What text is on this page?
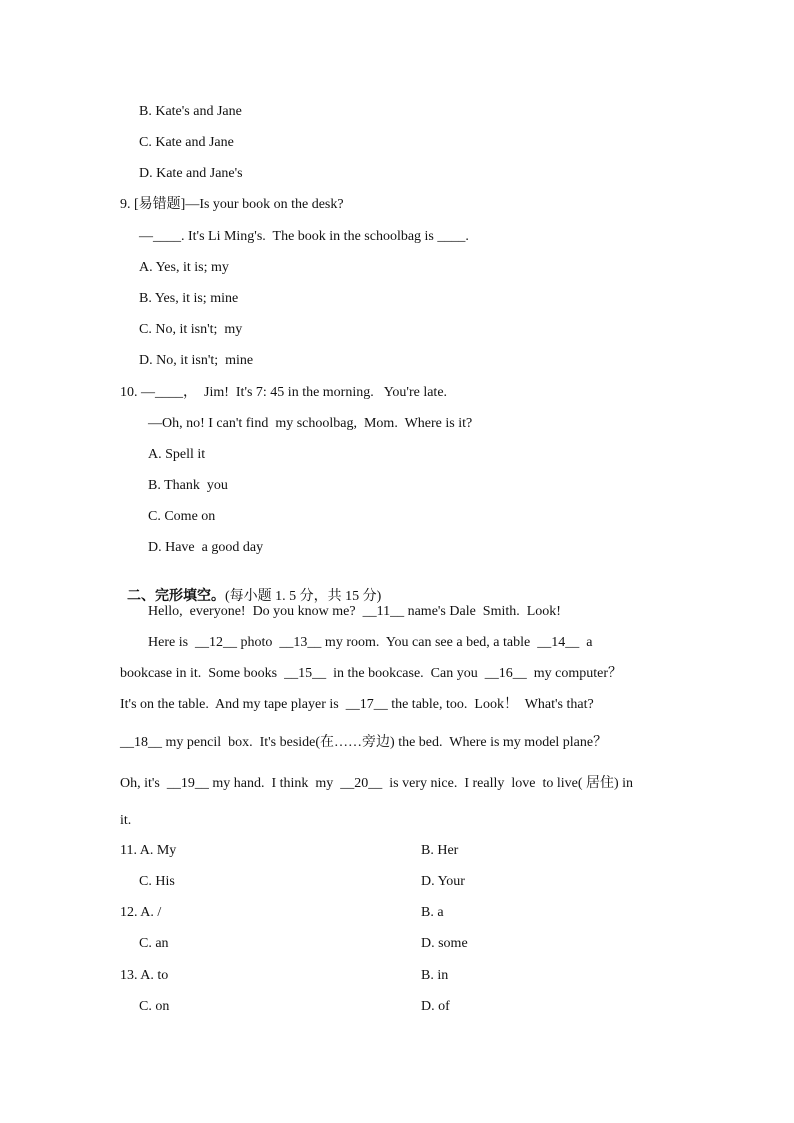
B. Kate's and Jane
C. Kate and Jane
D. Kate and Jane's
9. [易错题]—Is your book on the desk?
—____. It's Li Ming's.  The book in the schoolbag is ____.
A. Yes, it is; my
B. Yes, it is; mine
C. No, it isn't;  my
D. No, it isn't;  mine
10. —____，  Jim!  It's 7: 45 in the morning.   You're late.
—Oh, no! I can't find  my schoolbag,  Mom.  Where is it?
A. Spell it
B. Thank  you
C. Come on
D. Have  a good day

二、完形填空。(每小题 1. 5 分，共 15 分)

Hello,  everyone!  Do you know me?  __11__ name's Dale  Smith.  Look!
Here is  __12__ photo  __13__ my room.  You can see a bed, a table  __14__  a
bookcase in it.  Some books  __15__  in the bookcase.  Can you  __16__  my computer？
It's on the table.  And my tape player is  __17__ the table, too.  Look！  What's that?
__18__ my pencil  box.  It's beside(在……旁边) the bed.  Where is my model plane？
Oh, it's  __19__ my hand.  I think  my  __20__  is very nice.  I really  love  to live( 居住) in
it.
11. A. My	B. Her
C. His	D. Your
12. A. /	B. a
C. an	D. some
13. A. to	B. in
C. on	D. of
